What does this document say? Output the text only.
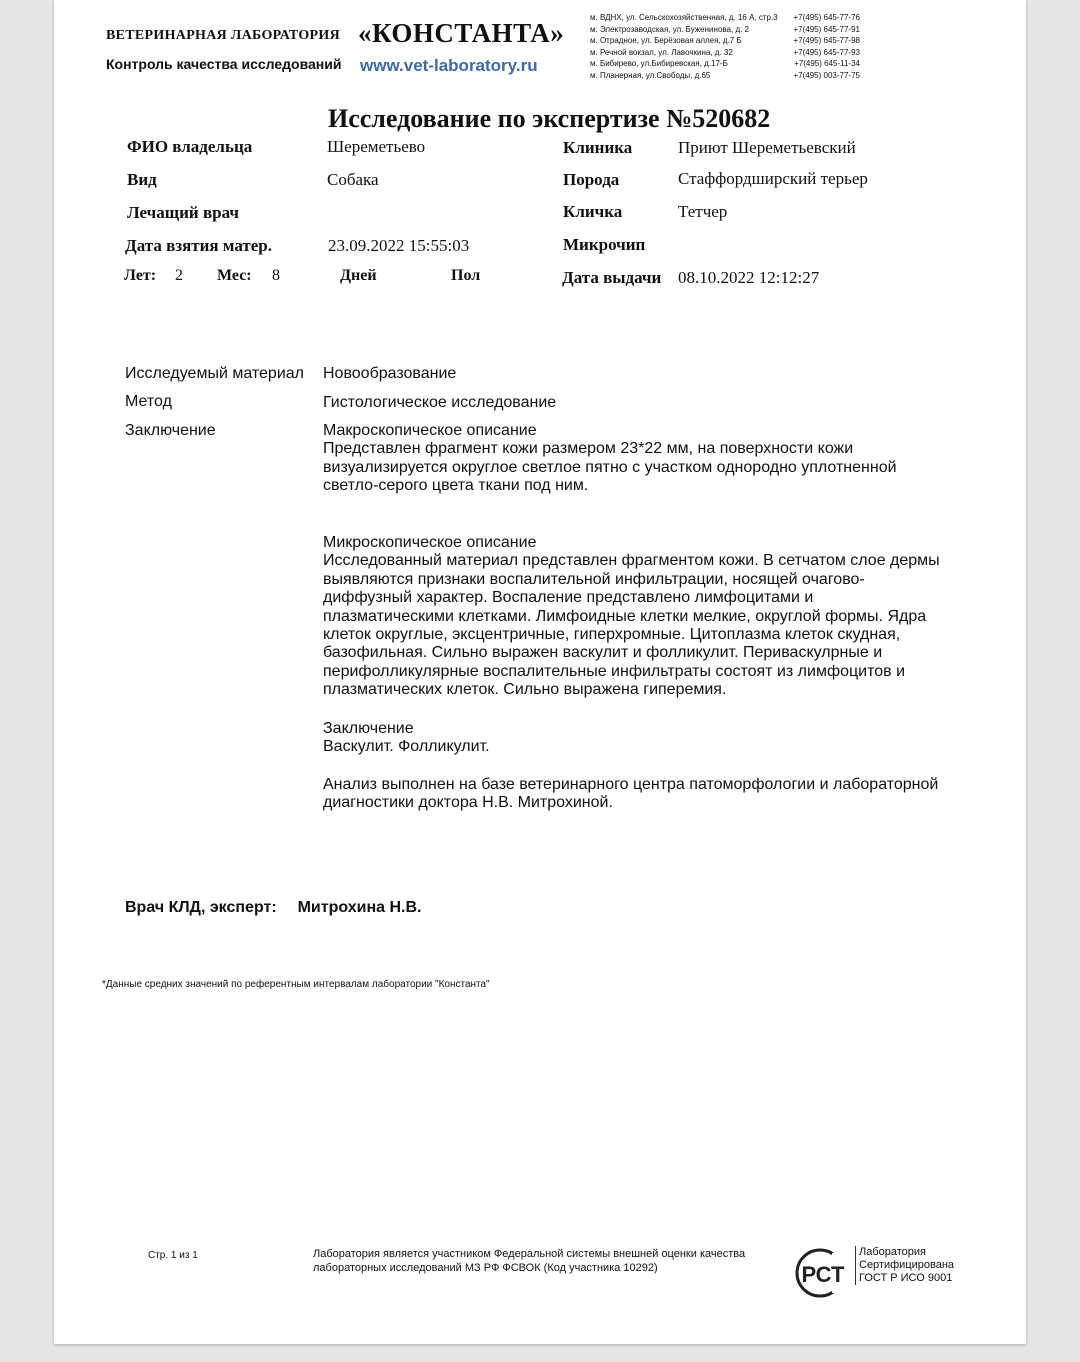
ВЕТЕРИНАРНАЯ ЛАБОРАТОРИЯ «КОНСТАНТА»
Контроль качества исследований www.vet-laboratory.ru
м. ВДНХ, ул. Сельскохозяйственная, д. 16 А, стр.3 +7(495) 645-77-76
м. Электрозаводская, ул. Буженинова, д. 2	+7(495) 645-77-91
м. Отрадное, ул. Берёзовая аллея, д.7 Б	+7(495) 645-77-98
м. Речной вокзал, ул. Лавочкина, д. 32	+7(495) 645-77-93
м. Бибирево, ул.Бибиревская, д.17-Б	+7(495) 645-11-34
м. Планерная, ул.Свободы, д.65	+7(495) 003-77-75
Исследование по экспертизе №520682
ФИО владельца	Шереметьево	Клиника	Приют Шереметьевский
Вид	Собака	Порода	Стаффордширский терьер
Лечащий врач	Кличка	Тетчер
Дата взятия матер.	23.09.2022 15:55:03	Микрочип
Лет: 2 Мес: 8	Дней	Пол	Дата выдачи 08.10.2022 12:12:27
Исследуемый материал Новообразование
Метод	Гистологическое исследование
Заключение	Макроскопическое описание

Представлен фрагмент кожи размером 23*22 мм, на поверхности кожи

визуализируется округлое светлое пятно с участком однородно уплотненной

светло-серого цвета ткани под ним.

Микроскопическое описание

Исследованный материал представлен фрагментом кожи. В сетчатом слое дермы

выявляются признаки воспалительной инфильтрации, носящей очагово-

диффузный характер. Воспаление представлено лимфоцитами и

плазматическими клетками. Лимфоидные клетки мелкие, округлой формы. Ядра

клеток округлые, эксцентричные, гиперхромные. Цитоплазма клеток скудная,

базофильная. Сильно выражен васкулит и фолликулит. Периваскулрные и

перифолликулярные воспалительные инфильтраты состоят из лимфоцитов и

плазматических клеток. Сильно выражена гиперемия.

Заключение

Васкулит. Фолликулит.

Анализ выполнен на базе ветеринарного центра патоморфологии и лабораторной

диагностики доктора Н.В. Митрохиной.

Врач КЛД, эксперт: Митрохина Н.В.
*Данные средних значений по референтным интервалам лаборатории "Константа"
Стр. 1 из 1	Лаборатория является участником Федеральной системы внешней оценки качества
лабораторных исследований МЗ РФ ФСВОК (Код участника 10292)	РСТ
Лаборатория
Сертифицирована
ГОСТ Р ИСО 9001
